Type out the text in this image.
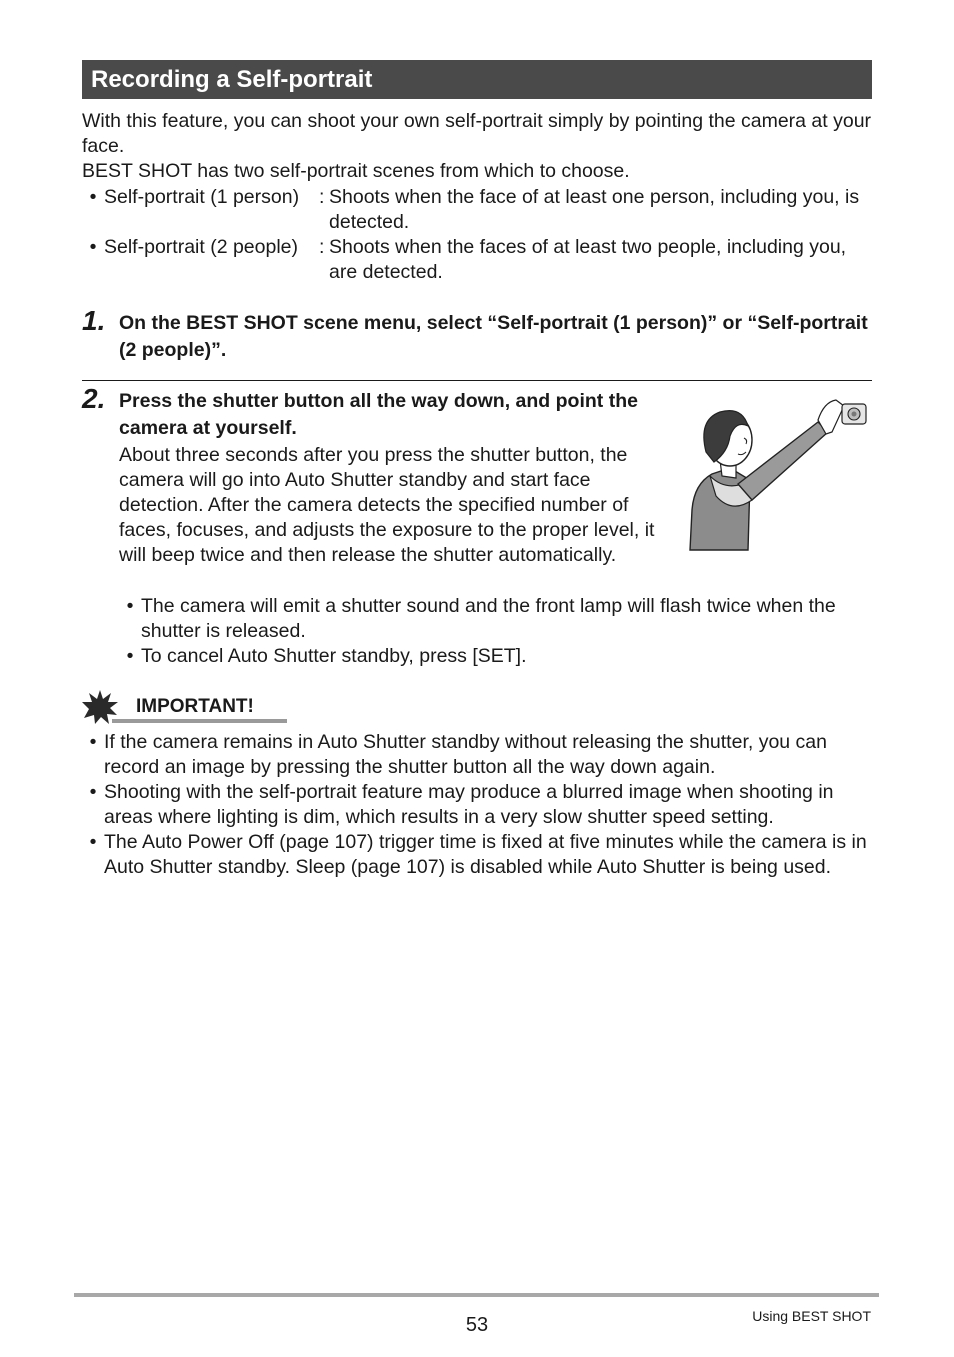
Recording a Self-portrait

With this feature, you can shoot your own self-portrait simply by pointing the camera at your face.

BEST SHOT has two self-portrait scenes from which to choose.

• Self-portrait (1 person)	: Shoots when the face of at least one person, including you, is detected.
• Self-portrait (2 people)	: Shoots when the faces of at least two people, including you, are detected.
1. On the BEST SHOT scene menu, select “Self-portrait (1 person)” or “Self-portrait (2 people)”.
2. Press the shutter button all the way down, and point the camera at yourself.
About three seconds after you press the shutter button, the camera will go into Auto Shutter standby and start face detection. After the camera detects the specified number of faces, focuses, and adjusts the exposure to the proper level, it will beep twice and then release the shutter automatically.
• The camera will emit a shutter sound and the front lamp will flash twice when the shutter is released.
• To cancel Auto Shutter standby, press [SET].
IMPORTANT!
• If the camera remains in Auto Shutter standby without releasing the shutter, you can record an image by pressing the shutter button all the way down again.
• Shooting with the self-portrait feature may produce a blurred image when shooting in areas where lighting is dim, which results in a very slow shutter speed setting.
• The Auto Power Off (page 107) trigger time is fixed at five minutes while the camera is in Auto Shutter standby. Sleep (page 107) is disabled while Auto Shutter is being used.
53	Using BEST SHOT
